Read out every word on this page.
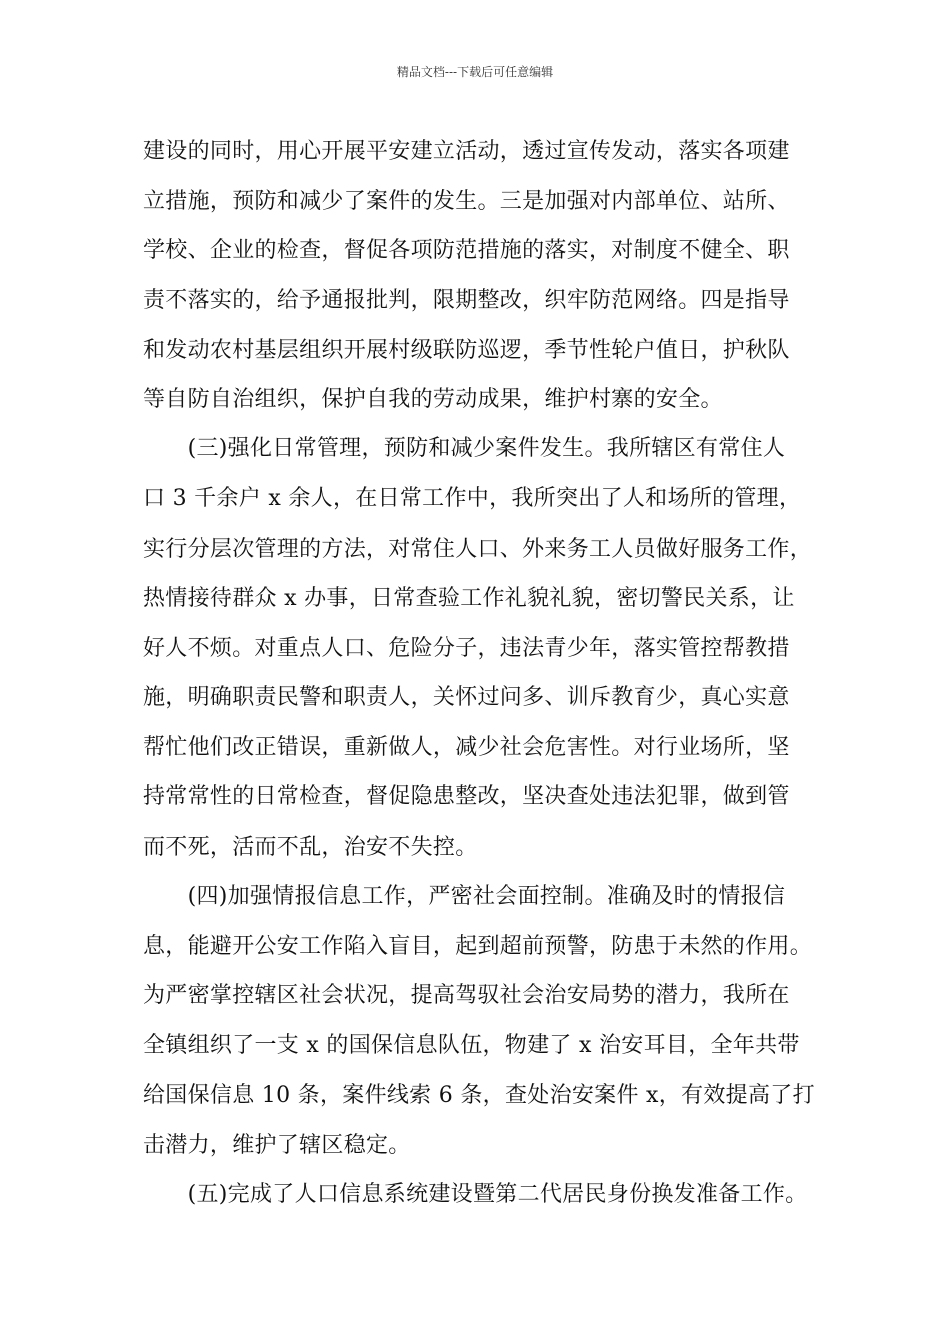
精品文档---下载后可任意编辑
建设的同时，用心开展平安建立活动，透过宣传发动，落实各项建
立措施，预防和减少了案件的发生。三是加强对内部单位、站所、
学校、企业的检查，督促各项防范措施的落实，对制度不健全、职
责不落实的，给予通报批判，限期整改，织牢防范网络。四是指导
和发动农村基层组织开展村级联防巡逻，季节性轮户值日，护秋队
等自防自治组织，保护自我的劳动成果，维护村寨的安全。
　　(三)强化日常管理，预防和减少案件发生。我所辖区有常住人
口 3 千余户 x 余人，在日常工作中，我所突出了人和场所的管理，
实行分层次管理的方法，对常住人口、外来务工人员做好服务工作，
热情接待群众 x 办事，日常查验工作礼貌礼貌，密切警民关系，让
好人不烦。对重点人口、危险分子，违法青少年，落实管控帮教措
施，明确职责民警和职责人，关怀过问多、训斥教育少，真心实意
帮忙他们改正错误，重新做人，减少社会危害性。对行业场所，坚
持常常性的日常检查，督促隐患整改，坚决查处违法犯罪，做到管
而不死，活而不乱，治安不失控。
　　(四)加强情报信息工作，严密社会面控制。准确及时的情报信
息，能避开公安工作陷入盲目，起到超前预警，防患于未然的作用。
为严密掌控辖区社会状况，提高驾驭社会治安局势的潜力，我所在
全镇组织了一支 x 的国保信息队伍，物建了 x 治安耳目，全年共带
给国保信息 10 条，案件线索 6 条，查处治安案件 x，有效提高了打
击潜力，维护了辖区稳定。
　　(五)完成了人口信息系统建设暨第二代居民身份换发准备工作。
